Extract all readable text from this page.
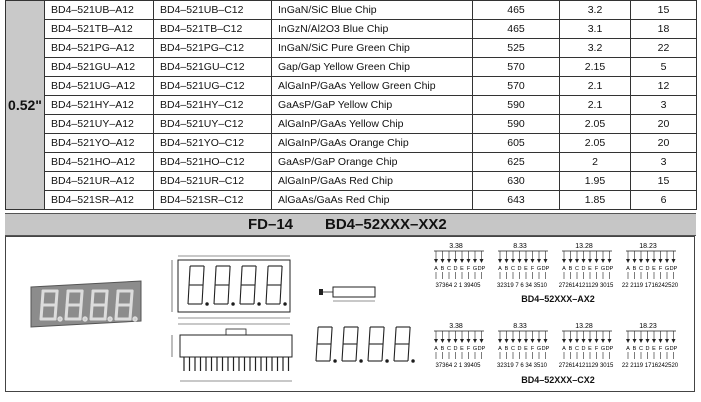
0.52"	BD4–521UB–A12	BD4–521UB–C12	InGaN/SiC Blue Chip	465	3.2	15
	BD4–521TB–A12	BD4–521TB–C12	InGzN/Al2O3 Blue Chip	465	3.1	18
	BD4–521PG–A12	BD4–521PG–C12	InGaN/SiC Pure Green Chip	525	3.2	22
	BD4–521GU–A12	BD4–521GU–C12	Gap/Gap Yellow Green Chip	570	2.15	5
	BD4–521UG–A12	BD4–521UG–C12	AlGaInP/GaAs Yellow Green Chip	570	2.1	12
	BD4–521HY–A12	BD4–521HY–C12	GaAsP/GaP Yellow Chip	590	2.1	3
	BD4–521UY–A12	BD4–521UY–C12	AlGaInP/GaAs Yellow Chip	590	2.05	20
	BD4–521YO–A12	BD4–521YO–C12	AlGaInP/GaAs Orange Chip	605	2.05	20
	BD4–521HO–A12	BD4–521HO–C12	GaAsP/GaP Orange Chip	625	2	3
	BD4–521UR–A12	BD4–521UR–C12	AlGaInP/GaAs Red Chip	630	1.95	15
	BD4–521SR–A12	BD4–521SR–C12	AlGaAs/GaAs Red Chip	643	1.85	6
FD–14 BD4–52XXX–XX2
3.38
A B C D E F G DP
37364 2 1 39405
8.33
A B C D E F G DP
32319 7 6 34 3510
13.28
A B C D E F G DP
272614121129 3015
18.23
A B C D E F G DP
22 2119 1716242520
BD4–52XXX–AX2
3.38
A B C D E F G DP
37364 2 1 39405
8.33
A B C D E F G DP
32319 7 6 34 3510
13.28
A B C D E F G DP
272614121129 3015
18.23
A B C D E F G DP
22 2119 1716242520
BD4–52XXX–CX2
